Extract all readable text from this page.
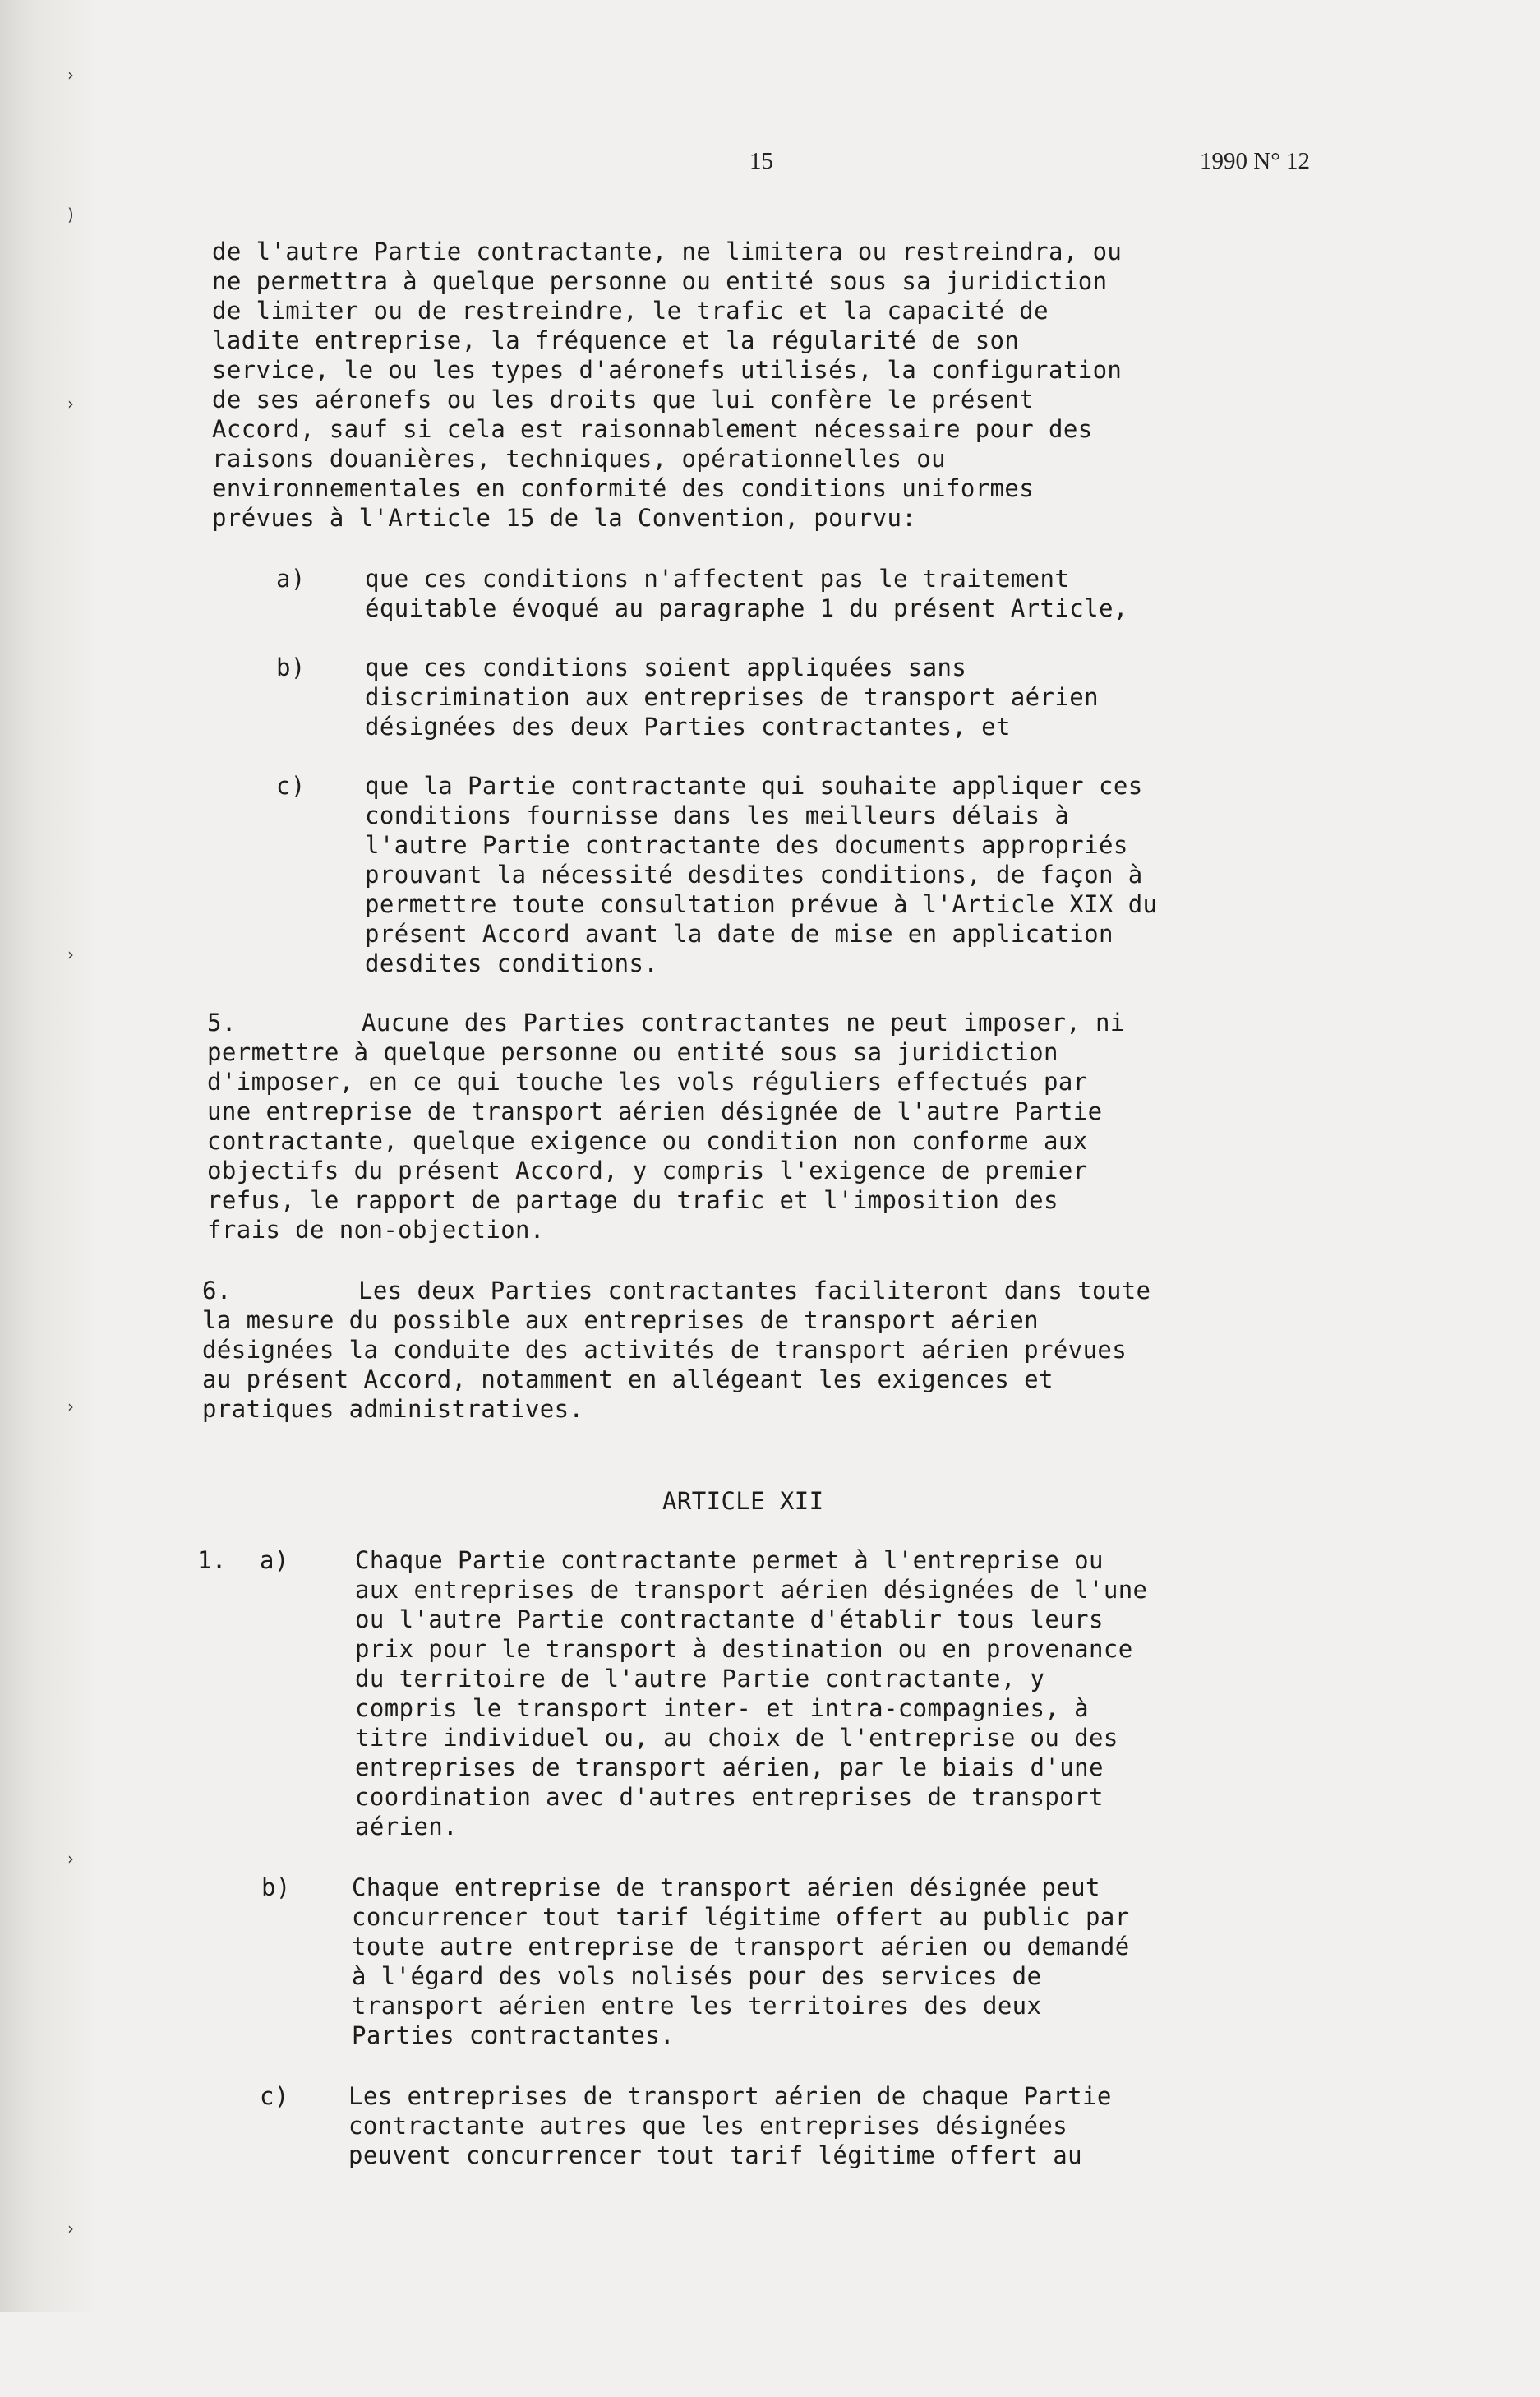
›
)
›
›
›
›
›
15	1990 N° 12

de l'autre Partie contractante, ne limitera ou restreindra, ou

ne permettra à quelque personne ou entité sous sa juridiction

de limiter ou de restreindre, le trafic et la capacité de

ladite entreprise, la fréquence et la régularité de son

service, le ou les types d'aéronefs utilisés, la configuration

de ses aéronefs ou les droits que lui confère le présent

Accord, sauf si cela est raisonnablement nécessaire pour des

raisons douanières, techniques, opérationnelles ou

environnementales en conformité des conditions uniformes

prévues à l'Article 15 de la Convention, pourvu:

a)

que ces conditions n'affectent pas le traitement

équitable évoqué au paragraphe 1 du présent Article,

b)

que ces conditions soient appliquées sans

discrimination aux entreprises de transport aérien

désignées des deux Parties contractantes, et

c)

que la Partie contractante qui souhaite appliquer ces

conditions fournisse dans les meilleurs délais à

l'autre Partie contractante des documents appropriés

prouvant la nécessité desdites conditions, de façon à

permettre toute consultation prévue à l'Article XIX du

présent Accord avant la date de mise en application

desdites conditions.

5.

	Aucune des Parties contractantes ne peut imposer, ni

permettre à quelque personne ou entité sous sa juridiction

d'imposer, en ce qui touche les vols réguliers effectués par

une entreprise de transport aérien désignée de l'autre Partie

contractante, quelque exigence ou condition non conforme aux

objectifs du présent Accord, y compris l'exigence de premier

refus, le rapport de partage du trafic et l'imposition des

frais de non-objection.

6.

	Les deux Parties contractantes faciliteront dans toute

la mesure du possible aux entreprises de transport aérien

désignées la conduite des activités de transport aérien prévues

au présent Accord, notamment en allégeant les exigences et

pratiques administratives.

ARTICLE XII

1.

a)

	Chaque Partie contractante permet à l'entreprise ou

aux entreprises de transport aérien désignées de l'une

ou l'autre Partie contractante d'établir tous leurs

prix pour le transport à destination ou en provenance

du territoire de l'autre Partie contractante, y

compris le transport inter- et intra-compagnies, à

titre individuel ou, au choix de l'entreprise ou des

entreprises de transport aérien, par le biais d'une

coordination avec d'autres entreprises de transport

aérien.

b)

	Chaque entreprise de transport aérien désignée peut

concurrencer tout tarif légitime offert au public par

toute autre entreprise de transport aérien ou demandé

à l'égard des vols nolisés pour des services de

transport aérien entre les territoires des deux

Parties contractantes.

c)

Les entreprises de transport aérien de chaque Partie

contractante autres que les entreprises désignées

peuvent concurrencer tout tarif légitime offert au
